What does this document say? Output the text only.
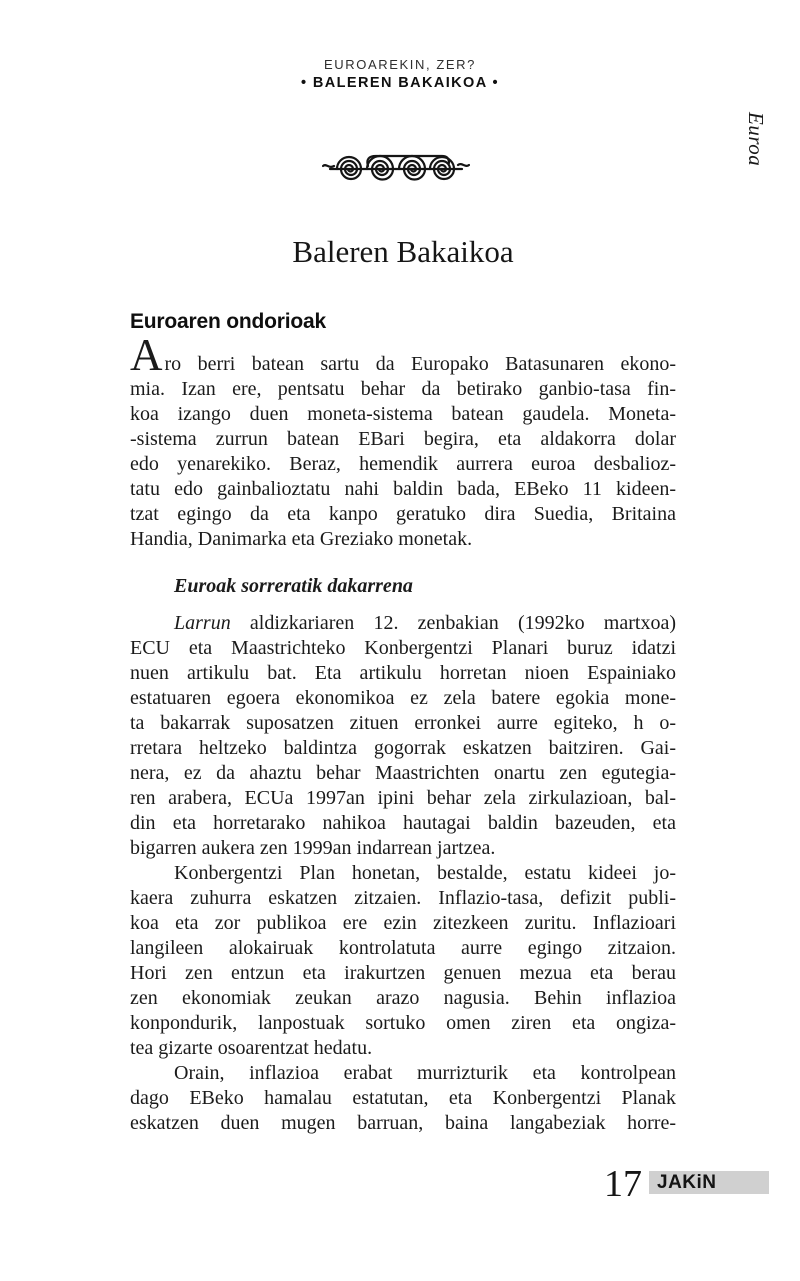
EUROAREKIN, ZER?
• BALEREN BAKAIKOA •
Euroa
Baleren Bakaikoa
Euroaren ondorioak
Aro berri batean sartu da Europako Batasunaren ekono-
mia. Izan ere, pentsatu behar da betirako ganbio-tasa fin-
koa izango duen moneta-sistema batean gaudela. Moneta-
-sistema zurrun batean EBari begira, eta aldakorra dolar
edo yenarekiko. Beraz, hemendik aurrera euroa desbalioz-
tatu edo gainbalioztatu nahi baldin bada, EBeko 11 kideen-
tzat egingo da eta kanpo geratuko dira Suedia, Britaina
Handia, Danimarka eta Greziako monetak.
Euroak sorreratik dakarrena
Larrun aldizkariaren 12. zenbakian (1992ko martxoa)
ECU eta Maastrichteko Konbergentzi Planari buruz idatzi
nuen artikulu bat. Eta artikulu horretan nioen Espainiako
estatuaren egoera ekonomikoa ez zela batere egokia mone-
ta bakarrak suposatzen zituen erronkei aurre egiteko, h o-
rretara heltzeko baldintza gogorrak eskatzen baitziren. Gai-
nera, ez da ahaztu behar Maastrichten onartu zen egutegia-
ren arabera, ECUa 1997an ipini behar zela zirkulazioan, bal-
din eta horretarako nahikoa hautagai baldin bazeuden, eta
bigarren aukera zen 1999an indarrean jartzea.
Konbergentzi Plan honetan, bestalde, estatu kideei jo-
kaera zuhurra eskatzen zitzaien. Inflazio-tasa, defizit publi-
koa eta zor publikoa ere ezin zitezkeen zuritu. Inflazioari
langileen alokairuak kontrolatuta aurre egingo zitzaion.
Hori zen entzun eta irakurtzen genuen mezua eta berau
zen ekonomiak zeukan arazo nagusia. Behin inflazioa
konpondurik, lanpostuak sortuko omen ziren eta ongiza-
tea gizarte osoarentzat hedatu.
Orain, inflazioa erabat murrizturik eta kontrolpean
dago EBeko hamalau estatutan, eta Konbergentzi Planak
eskatzen duen mugen barruan, baina langabeziak horre-
17 JAKiN
